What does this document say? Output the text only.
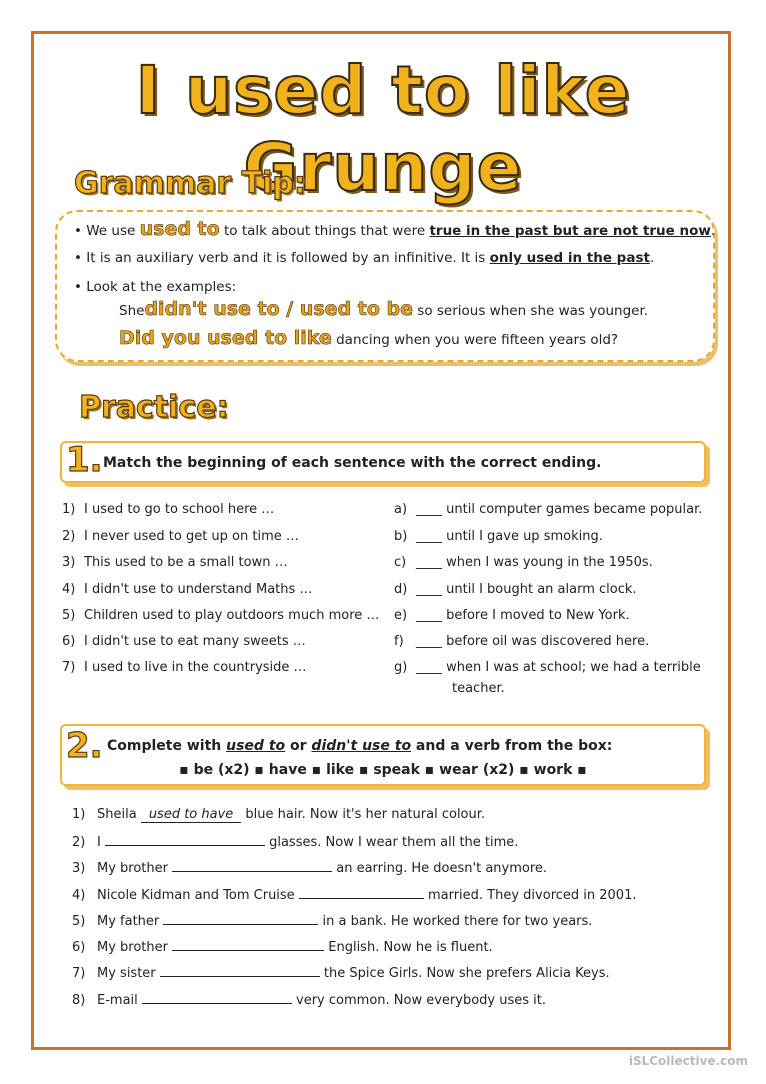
I used to like Grunge
Grammar Tip:
• We use used to to talk about things that were true in the past but are not true now.
• It is an auxiliary verb and it is followed by an infinitive. It is only used in the past.
• Look at the examples:
Shedidn't use to / used to be so serious when she was younger.
Did you used to like dancing when you were fifteen years old?
Practice:
1. Match the beginning of each sentence with the correct ending.
1) I used to go to school here …
2) I never used to get up on time …
3) This used to be a small town …
4) I didn't use to understand Maths …
5) Children used to play outdoors much more …
6) I didn't use to eat many sweets …
7) I used to live in the countryside …
a) ____ until computer games became popular.
b) ____ until I gave up smoking.
c) ____ when I was young in the 1950s.
d) ____ until I bought an alarm clock.
e) ____ before I moved to New York.
f) ____ before oil was discovered here.
g) ____ when I was at school; we had a terrible
teacher.
2. Complete with used to or didn't use to and a verb from the box:
▪ be (x2) ▪ have ▪ like ▪ speak ▪ wear (x2) ▪ work ▪
1) Sheila used to have blue hair. Now it's her natural colour.
2) I	glasses. Now I wear them all the time.
3) My brother	an earring. He doesn't anymore.
4) Nicole Kidman and Tom Cruise	married. They divorced in 2001.
5) My father	in a bank. He worked there for two years.
6) My brother	English. Now he is fluent.
7) My sister	the Spice Girls. Now she prefers Alicia Keys.
8) E-mail	very common. Now everybody uses it.
iSLCollective.com
